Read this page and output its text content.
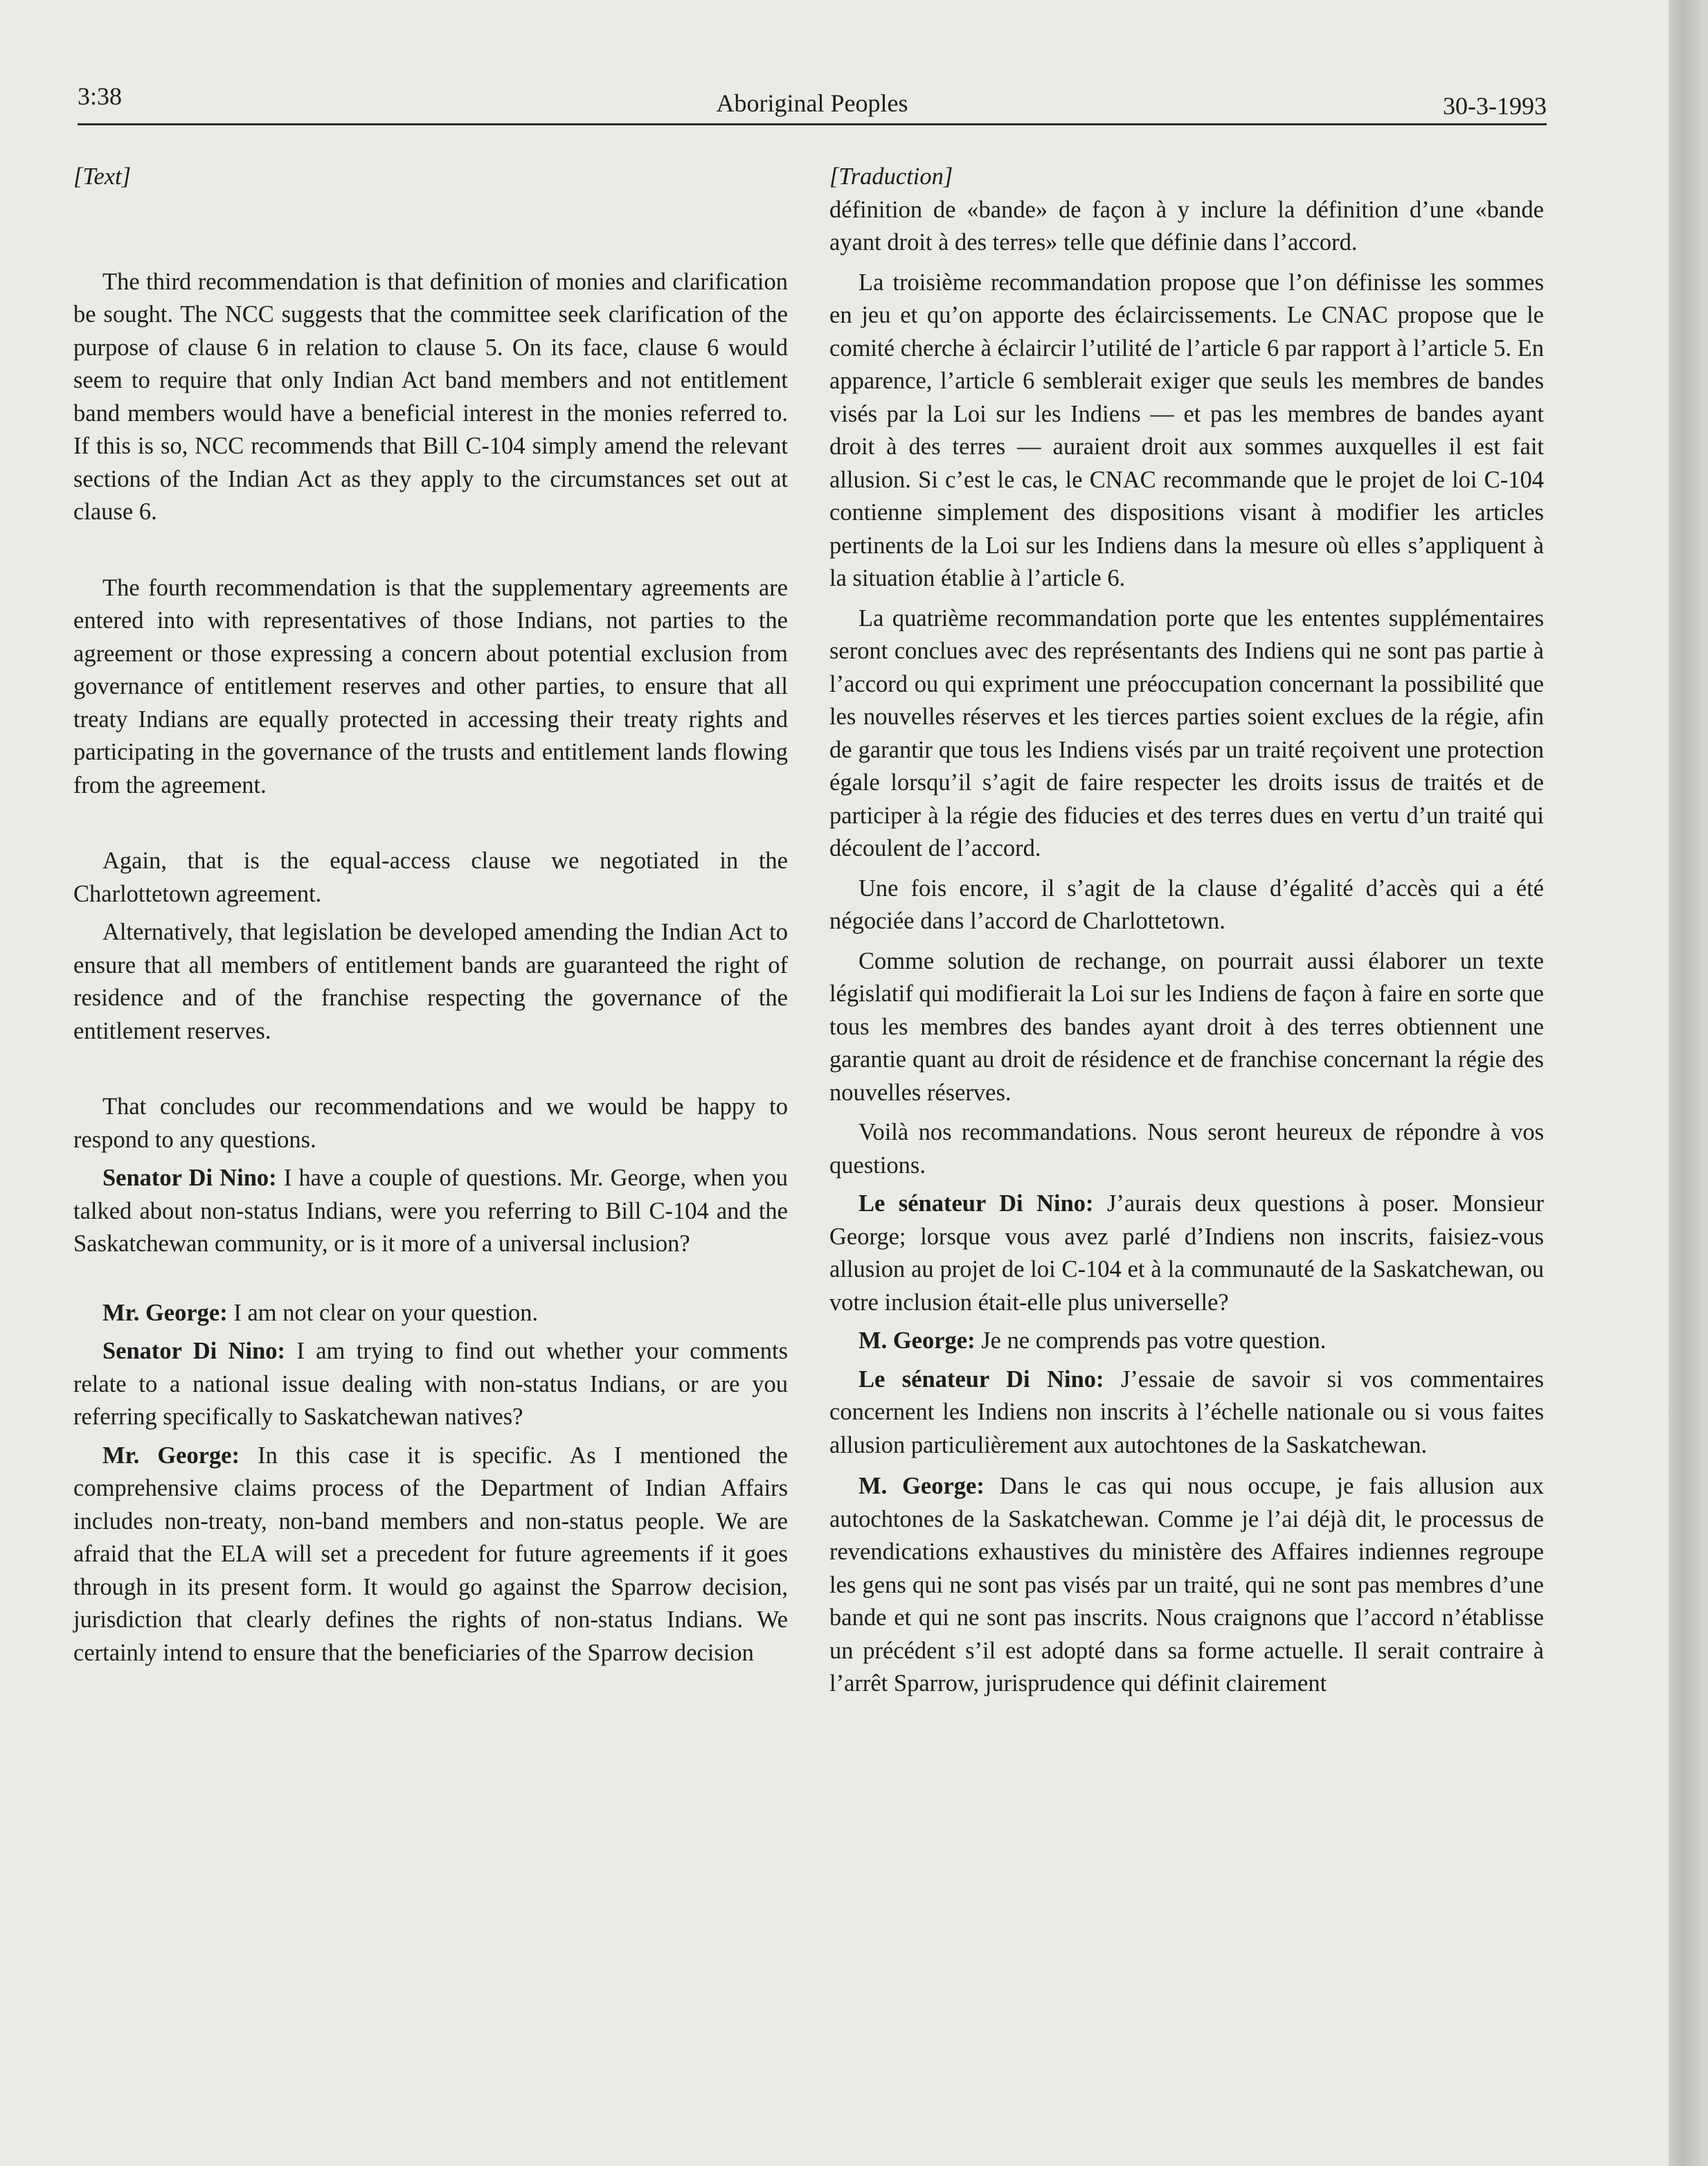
3:38	Aboriginal Peoples	30-3-1993

[Text]

The third recommendation is that definition of monies and clarification be sought. The NCC suggests that the committee seek clarification of the purpose of clause 6 in relation to clause 5. On its face, clause 6 would seem to require that only Indian Act band members and not entitlement band members would have a beneficial interest in the monies referred to. If this is so, NCC recommends that Bill C-104 simply amend the relevant sections of the Indian Act as they apply to the circumstances set out at clause 6.

The fourth recommendation is that the supplementary agreements are entered into with representatives of those Indians, not parties to the agreement or those expressing a concern about potential exclusion from governance of entitlement reserves and other parties, to ensure that all treaty Indians are equally protected in accessing their treaty rights and participating in the governance of the trusts and entitlement lands flowing from the agreement.

Again, that is the equal-access clause we negotiated in the Charlottetown agreement.

Alternatively, that legislation be developed amending the Indian Act to ensure that all members of entitlement bands are guaranteed the right of residence and of the franchise respecting the governance of the entitlement reserves.

That concludes our recommendations and we would be happy to respond to any questions.

Senator Di Nino: I have a couple of questions. Mr. George, when you talked about non-status Indians, were you referring to Bill C-104 and the Saskatchewan community, or is it more of a universal inclusion?

Mr. George: I am not clear on your question.

Senator Di Nino: I am trying to find out whether your comments relate to a national issue dealing with non-status Indians, or are you referring specifically to Saskatchewan natives?

Mr. George: In this case it is specific. As I mentioned the comprehensive claims process of the Department of Indian Affairs includes non-treaty, non-band members and non-status people. We are afraid that the ELA will set a precedent for future agreements if it goes through in its present form. It would go against the Sparrow decision, jurisdiction that clearly defines the rights of non-status Indians. We certainly intend to ensure that the beneficiaries of the Sparrow decision

[Traduction]

définition de «bande» de façon à y inclure la définition d’une «bande ayant droit à des terres» telle que définie dans l’accord.

La troisième recommandation propose que l’on définisse les sommes en jeu et qu’on apporte des éclaircissements. Le CNAC propose que le comité cherche à éclaircir l’utilité de l’article 6 par rapport à l’article 5. En apparence, l’article 6 semblerait exiger que seuls les membres de bandes visés par la Loi sur les Indiens — et pas les membres de bandes ayant droit à des terres — auraient droit aux sommes auxquelles il est fait allusion. Si c’est le cas, le CNAC recommande que le projet de loi C-104 contienne simplement des dispositions visant à modifier les articles pertinents de la Loi sur les Indiens dans la mesure où elles s’appliquent à la situation établie à l’article 6.

La quatrième recommandation porte que les ententes supplémentaires seront conclues avec des représentants des Indiens qui ne sont pas partie à l’accord ou qui expriment une préoccupation concernant la possibilité que les nouvelles réserves et les tierces parties soient exclues de la régie, afin de garantir que tous les Indiens visés par un traité reçoivent une protection égale lorsqu’il s’agit de faire respecter les droits issus de traités et de participer à la régie des fiducies et des terres dues en vertu d’un traité qui découlent de l’accord.

Une fois encore, il s’agit de la clause d’égalité d’accès qui a été négociée dans l’accord de Charlottetown.

Comme solution de rechange, on pourrait aussi élaborer un texte législatif qui modifierait la Loi sur les Indiens de façon à faire en sorte que tous les membres des bandes ayant droit à des terres obtiennent une garantie quant au droit de résidence et de franchise concernant la régie des nouvelles réserves.

Voilà nos recommandations. Nous seront heureux de répondre à vos questions.

Le sénateur Di Nino: J’aurais deux questions à poser. Monsieur George; lorsque vous avez parlé d’Indiens non inscrits, faisiez-vous allusion au projet de loi C-104 et à la communauté de la Saskatchewan, ou votre inclusion était-elle plus universelle?

M. George: Je ne comprends pas votre question.

Le sénateur Di Nino: J’essaie de savoir si vos commentaires concernent les Indiens non inscrits à l’échelle nationale ou si vous faites allusion particulièrement aux autochtones de la Saskatchewan.

M. George: Dans le cas qui nous occupe, je fais allusion aux autochtones de la Saskatchewan. Comme je l’ai déjà dit, le processus de revendications exhaustives du ministère des Affaires indiennes regroupe les gens qui ne sont pas visés par un traité, qui ne sont pas membres d’une bande et qui ne sont pas inscrits. Nous craignons que l’accord n’établisse un précédent s’il est adopté dans sa forme actuelle. Il serait contraire à l’arrêt Sparrow, jurisprudence qui définit clairement
